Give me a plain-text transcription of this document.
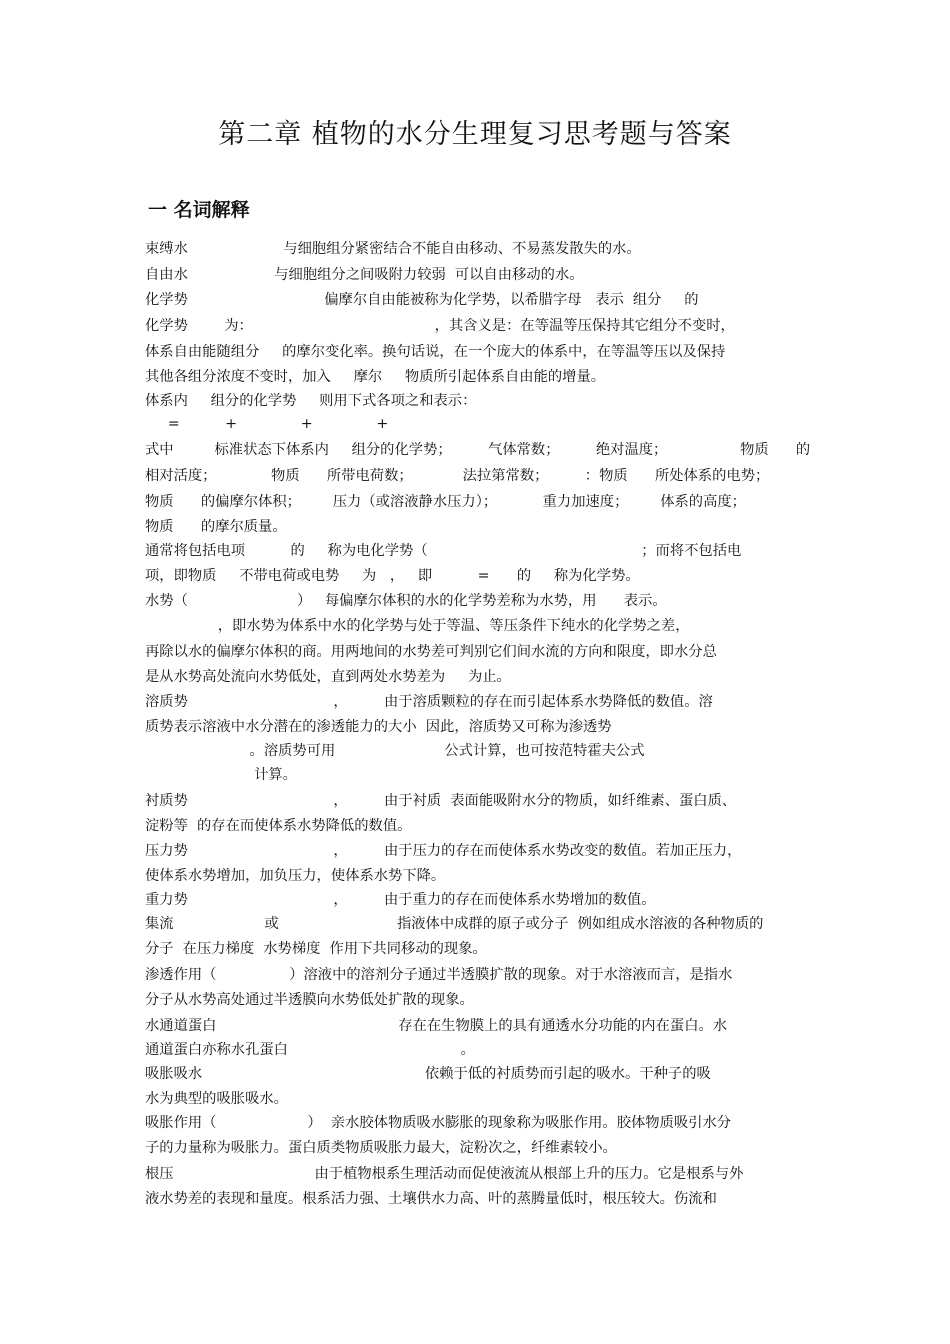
第二章 植物的水分生理复习思考题与答案
一 名词解释
束缚水                     与细胞组分紧密结合不能自由移动、不易蒸发散失的水。
自由水                   与细胞组分之间吸附力较弱  可以自由移动的水。
化学势                              偏摩尔自由能被称为化学势，以希腊字母   表示  组分     的
化学势        为：                                        ，其含义是：在等温等压保持其它组分不变时，
体系自由能随组分     的摩尔变化率。换句话说，在一个庞大的体系中，在等温等压以及保持
其他各组分浓度不变时，加入     摩尔     物质所引起体系自由能的增量。
体系内     组分的化学势     则用下式各项之和表示：
=          +              +              +
式中         标准状态下体系内     组分的化学势；        气体常数；        绝对温度；                物质      的
相对活度；            物质      所带电荷数；           法拉第常数；        ：物质      所处体系的电势；
物质      的偏摩尔体积；       压力（或溶液静水压力）；          重力加速度；       体系的高度；
物质      的摩尔质量。
通常将包括电项          的     称为电化学势（                                               ；而将不包括电
项，即物质     不带电荷或电势     为   ，   即          =      的     称为化学势。
水势（                        ）   每偏摩尔体积的水的化学势差称为水势，用      表示。
，即水势为体系中水的化学势与处于等温、等压条件下纯水的化学势之差，
再除以水的偏摩尔体积的商。用两地间的水势差可判别它们间水流的方向和限度，即水分总
是从水势高处流向水势低处，直到两处水势差为     为止。
溶质势                                ，        由于溶质颗粒的存在而引起体系水势降低的数值。溶
质势表示溶液中水分潜在的渗透能力的大小  因此，溶质势又可称为渗透势
。溶质势可用                        公式计算，也可按范特霍夫公式
计算。
衬质势                                ，        由于衬质  表面能吸附水分的物质，如纤维素、蛋白质、
淀粉等  的存在而使体系水势降低的数值。
压力势                                ，        由于压力的存在而使体系水势改变的数值。若加正压力，
使体系水势增加，加负压力，使体系水势下降。
重力势                                ，        由于重力的存在而使体系水势增加的数值。
集流                    或                          指液体中成群的原子或分子  例如组成水溶液的各种物质的
分子  在压力梯度  水势梯度  作用下共同移动的现象。
渗透作用（                ）溶液中的溶剂分子通过半透膜扩散的现象。对于水溶液而言，是指水
分子从水势高处通过半透膜向水势低处扩散的现象。
水通道蛋白                                        存在在生物膜上的具有通透水分功能的内在蛋白。水
通道蛋白亦称水孔蛋白                                      。
吸胀吸水                                                 依赖于低的衬质势而引起的吸水。干种子的吸
水为典型的吸胀吸水。
吸胀作用（                    ）  亲水胶体物质吸水膨胀的现象称为吸胀作用。胶体物质吸引水分
子的力量称为吸胀力。蛋白质类物质吸胀力最大，淀粉次之，纤维素较小。
根压                               由于植物根系生理活动而促使液流从根部上升的压力。它是根系与外
液水势差的表现和量度。根系活力强、土壤供水力高、叶的蒸腾量低时，根压较大。伤流和
